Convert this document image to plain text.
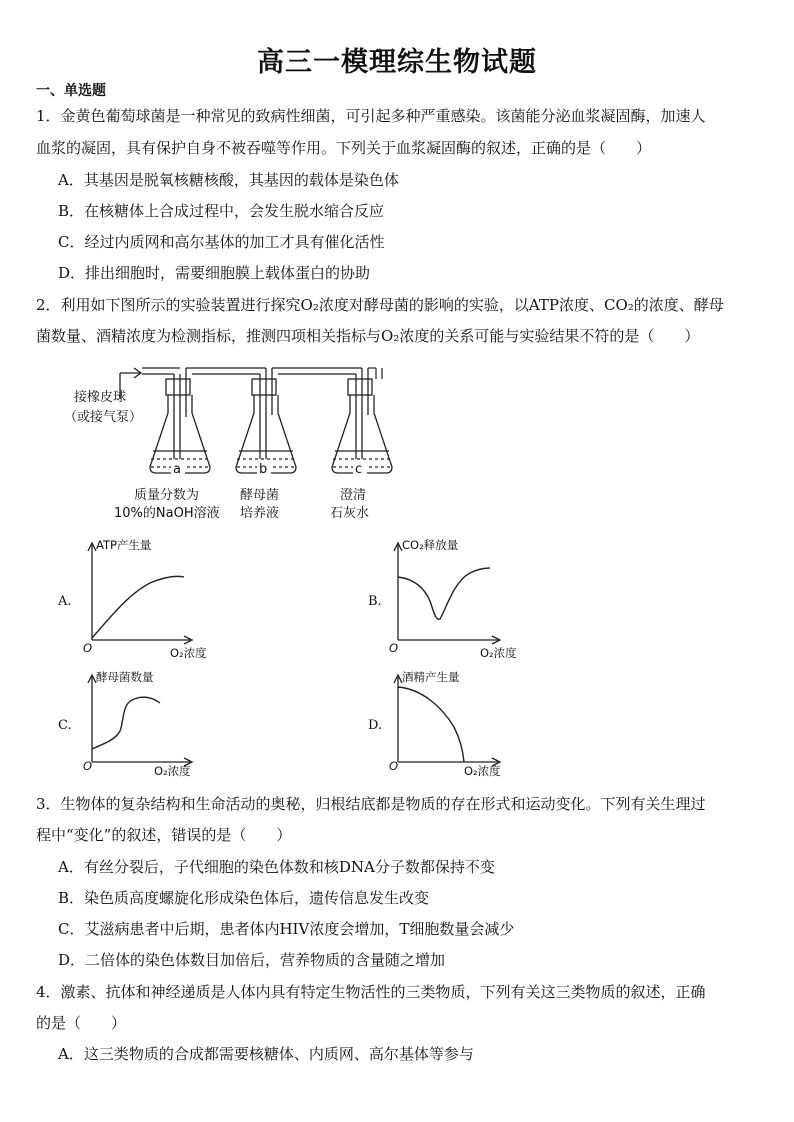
高三一模理综生物试题
一、单选题
1．金黄色葡萄球菌是一种常见的致病性细菌，可引起多种严重感染。该菌能分泌血浆凝固酶，加速人
血浆的凝固，具有保护自身不被吞噬等作用。下列关于血浆凝固酶的叙述，正确的是（　　）
A．其基因是脱氧核糖核酸，其基因的载体是染色体
B．在核糖体上合成过程中，会发生脱水缩合反应
C．经过内质网和高尔基体的加工才具有催化活性
D．排出细胞时，需要细胞膜上载体蛋白的协助
2．利用如下图所示的实验装置进行探究O₂浓度对酵母菌的影响的实验，以ATP浓度、CO₂的浓度、酵母
菌数量、酒精浓度为检测指标，推测四项相关指标与O₂浓度的关系可能与实验结果不符的是（　　）
接橡皮球
（或接气泵）
a	b	c
质量分数为
10%的NaOH溶液
酵母菌
培养液
澄清
石灰水
A.
ATP产生量
O₂浓度
O
B.
CO₂释放量
O₂浓度
O
C.
酵母菌数量
O₂浓度
O
D.
酒精产生量
O₂浓度
O
3．生物体的复杂结构和生命活动的奥秘，归根结底都是物质的存在形式和运动变化。下列有关生理过
程中“变化”的叙述，错误的是（　　）
A．有丝分裂后，子代细胞的染色体数和核DNA分子数都保持不变
B．染色质高度螺旋化形成染色体后，遗传信息发生改变
C．艾滋病患者中后期，患者体内HIV浓度会增加，T细胞数量会减少
D．二倍体的染色体数目加倍后，营养物质的含量随之增加
4．激素、抗体和神经递质是人体内具有特定生物活性的三类物质，下列有关这三类物质的叙述，正确
的是（　　）
A．这三类物质的合成都需要核糖体、内质网、高尔基体等参与
